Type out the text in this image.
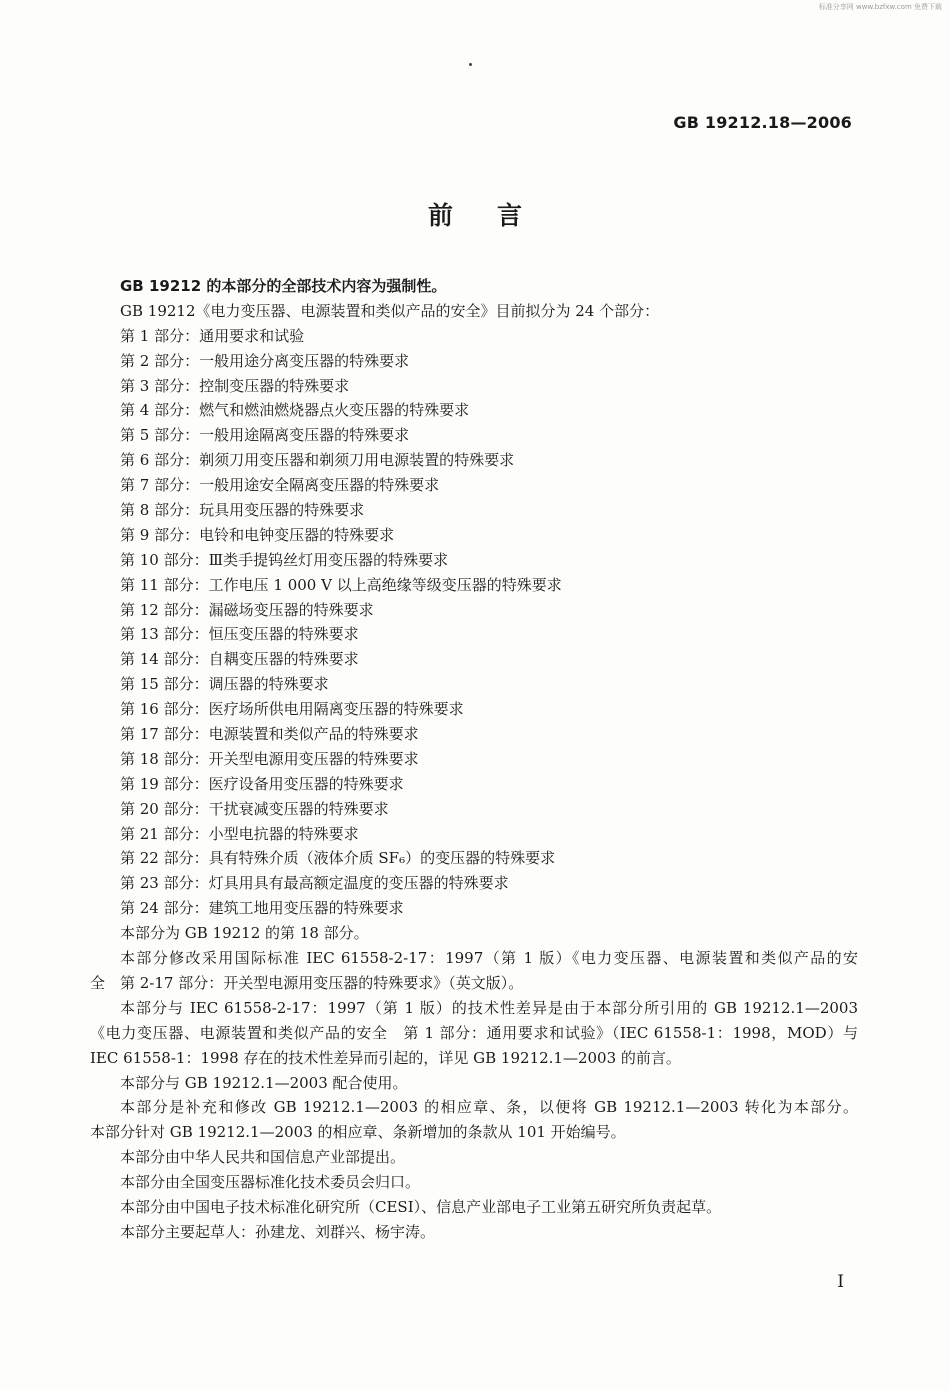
标准分享网 www.bzfxw.com 免费下载
GB 19212.18—2006
前言
GB 19212 的本部分的全部技术内容为强制性。
GB 19212《电力变压器、电源装置和类似产品的安全》目前拟分为 24 个部分：
第 1 部分：通用要求和试验
第 2 部分：一般用途分离变压器的特殊要求
第 3 部分：控制变压器的特殊要求
第 4 部分：燃气和燃油燃烧器点火变压器的特殊要求
第 5 部分：一般用途隔离变压器的特殊要求
第 6 部分：剃须刀用变压器和剃须刀用电源装置的特殊要求
第 7 部分：一般用途安全隔离变压器的特殊要求
第 8 部分：玩具用变压器的特殊要求
第 9 部分：电铃和电钟变压器的特殊要求
第 10 部分：Ⅲ类手提钨丝灯用变压器的特殊要求
第 11 部分：工作电压 1 000 V 以上高绝缘等级变压器的特殊要求
第 12 部分：漏磁场变压器的特殊要求
第 13 部分：恒压变压器的特殊要求
第 14 部分：自耦变压器的特殊要求
第 15 部分：调压器的特殊要求
第 16 部分：医疗场所供电用隔离变压器的特殊要求
第 17 部分：电源装置和类似产品的特殊要求
第 18 部分：开关型电源用变压器的特殊要求
第 19 部分：医疗设备用变压器的特殊要求
第 20 部分：干扰衰减变压器的特殊要求
第 21 部分：小型电抗器的特殊要求
第 22 部分：具有特殊介质（液体介质 SF₆）的变压器的特殊要求
第 23 部分：灯具用具有最高额定温度的变压器的特殊要求
第 24 部分：建筑工地用变压器的特殊要求
本部分为 GB 19212 的第 18 部分。
本部分修改采用国际标准 IEC 61558-2-17：1997（第 1 版）《电力变压器、电源装置和类似产品的安
全　第 2-17 部分：开关型电源用变压器的特殊要求》（英文版）。
本部分与 IEC 61558-2-17：1997（第 1 版）的技术性差异是由于本部分所引用的 GB 19212.1—2003
《电力变压器、电源装置和类似产品的安全　第 1 部分：通用要求和试验》（IEC 61558-1：1998，MOD）与
IEC 61558-1：1998 存在的技术性差异而引起的，详见 GB 19212.1—2003 的前言。
本部分与 GB 19212.1—2003 配合使用。
本部分是补充和修改 GB 19212.1—2003 的相应章、条，以便将 GB 19212.1—2003 转化为本部分。
本部分针对 GB 19212.1—2003 的相应章、条新增加的条款从 101 开始编号。
本部分由中华人民共和国信息产业部提出。
本部分由全国变压器标准化技术委员会归口。
本部分由中国电子技术标准化研究所（CESI）、信息产业部电子工业第五研究所负责起草。
本部分主要起草人：孙建龙、刘群兴、杨宇涛。
I
